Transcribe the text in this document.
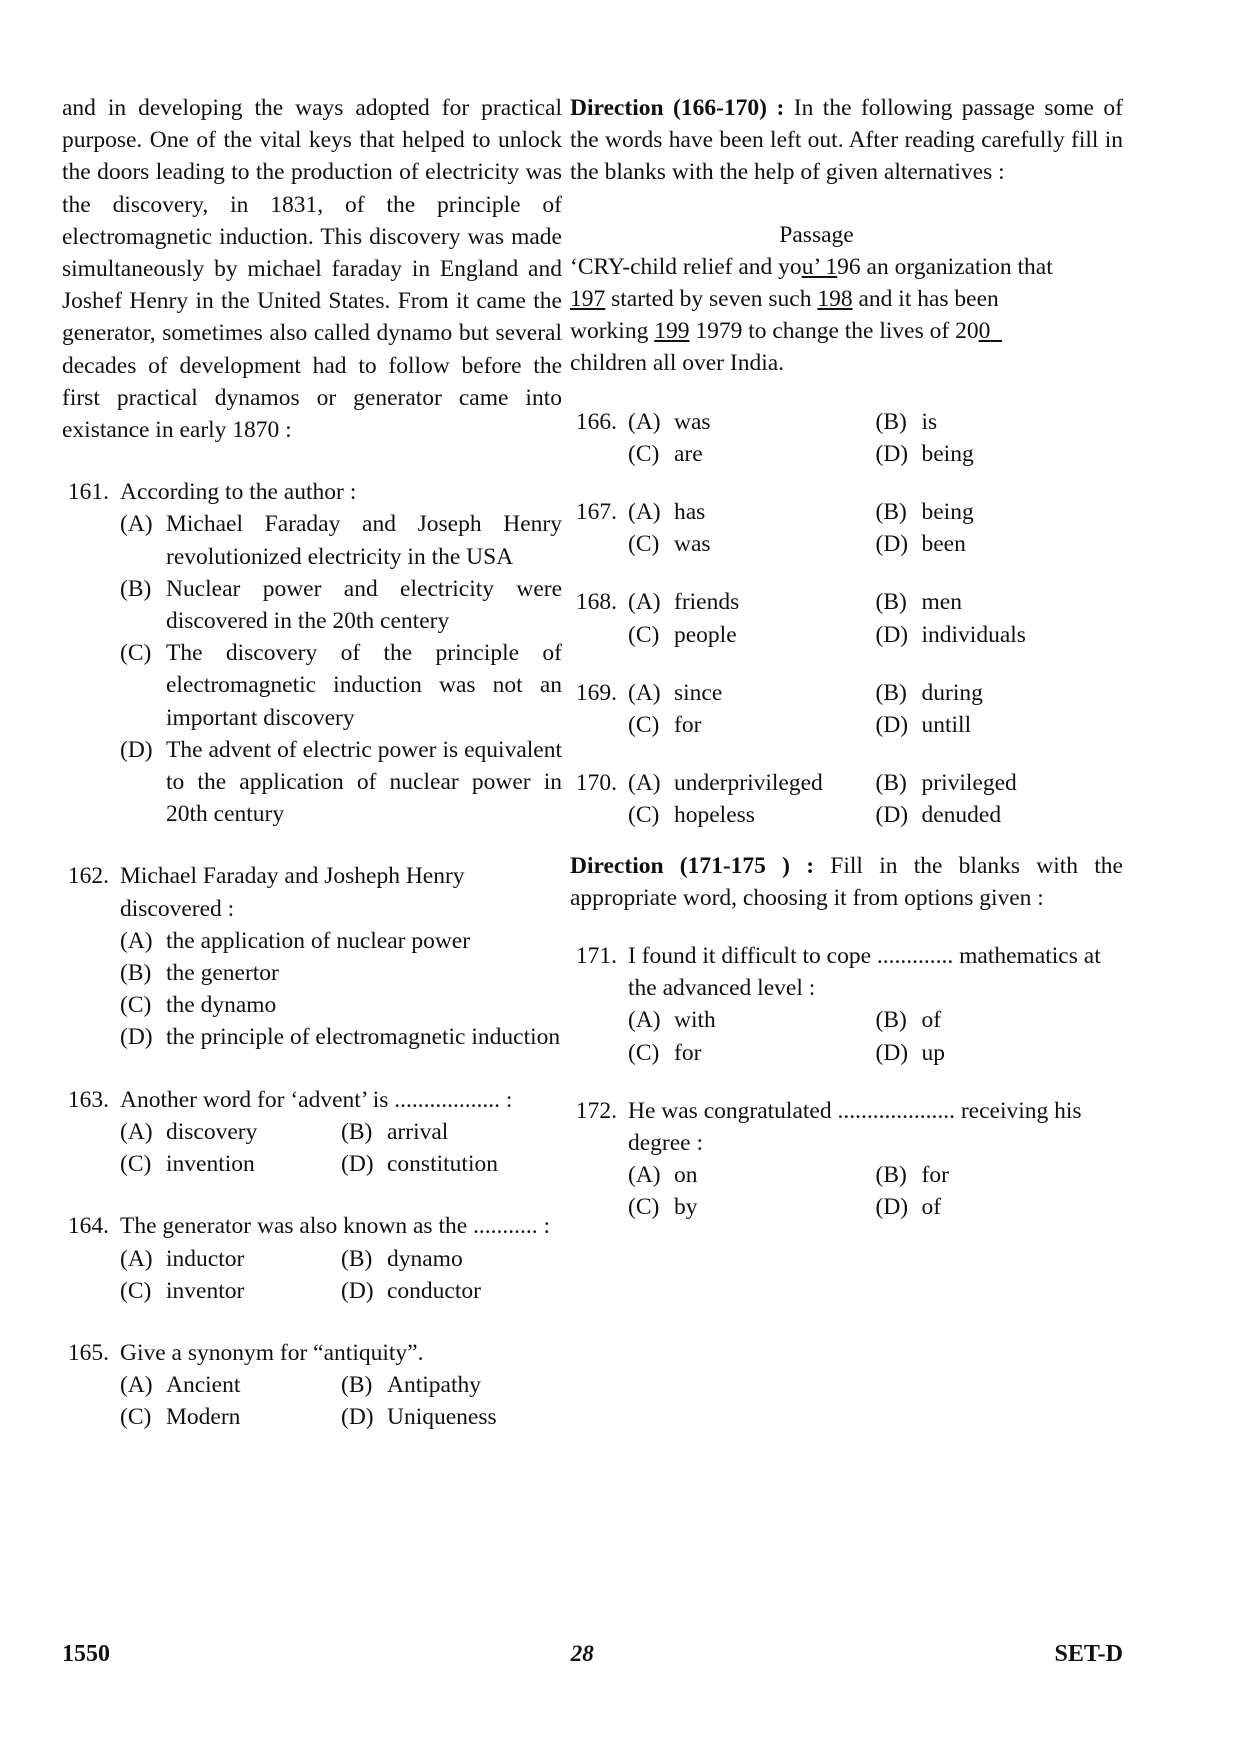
and in developing the ways adopted for practical purpose. One of the vital keys that helped to unlock the doors leading to the production of electricity was the discovery, in 1831, of the principle of electromagnetic induction. This discovery was made simultaneously by michael faraday in England and Joshef Henry in the United States. From it came the generator, sometimes also called dynamo but several decades of development had to follow before the first practical dynamos or generator came into existance in early 1870 :

161. According to the author :

(A) Michael Faraday and Joseph Henry revolutionized electricity in the USA
(B) Nuclear power and electricity were discovered in the 20th centery
(C) The discovery of the principle of electromagnetic induction was not an important discovery
(D) The advent of electric power is equivalent to the application of nuclear power in 20th century
162. Michael Faraday and Josheph Henry discovered :

(A) the application of nuclear power
(B) the genertor
(C) the dynamo
(D) the principle of electromagnetic induction
163. Another word for ‘advent’ is .................. :

(A) discovery	(B) arrival
(C) invention	(D) constitution
164. The generator was also known as the ........... :

(A) inductor	(B) dynamo
(C) inventor	(D) conductor
165. Give a synonym for “antiquity”.

(A) Ancient	(B) Antipathy
(C) Modern	(D) Uniqueness

Direction (166-170) : In the following passage some of the words have been left out. After reading carefully fill in the blanks with the help of given alternatives :

Passage

‘CRY-child relief and you’ 196 an organization that

197 started by seven such 198 and it has been

working 199 1979 to change the lives of 200

children all over India.

166. (A) was	(B) is
(C) are	(D) being
167. (A) has	(B) being
(C) was	(D) been
168. (A) friends	(B) men
(C) people	(D) individuals
169. (A) since	(B) during
(C) for	(D) untill
170. (A) underprivileged (B) privileged
(C) hopeless	(D) denuded

Direction (171-175 ) : Fill in the blanks with the appropriate word, choosing it from options given :

171. I found it difficult to cope ............. mathematics at the advanced level :

(A) with	(B) of
(C) for	(D) up
172. He was congratulated .................... receiving his degree :

(A) on	(B) for
(C) by	(D) of
1550	28	SET-D
